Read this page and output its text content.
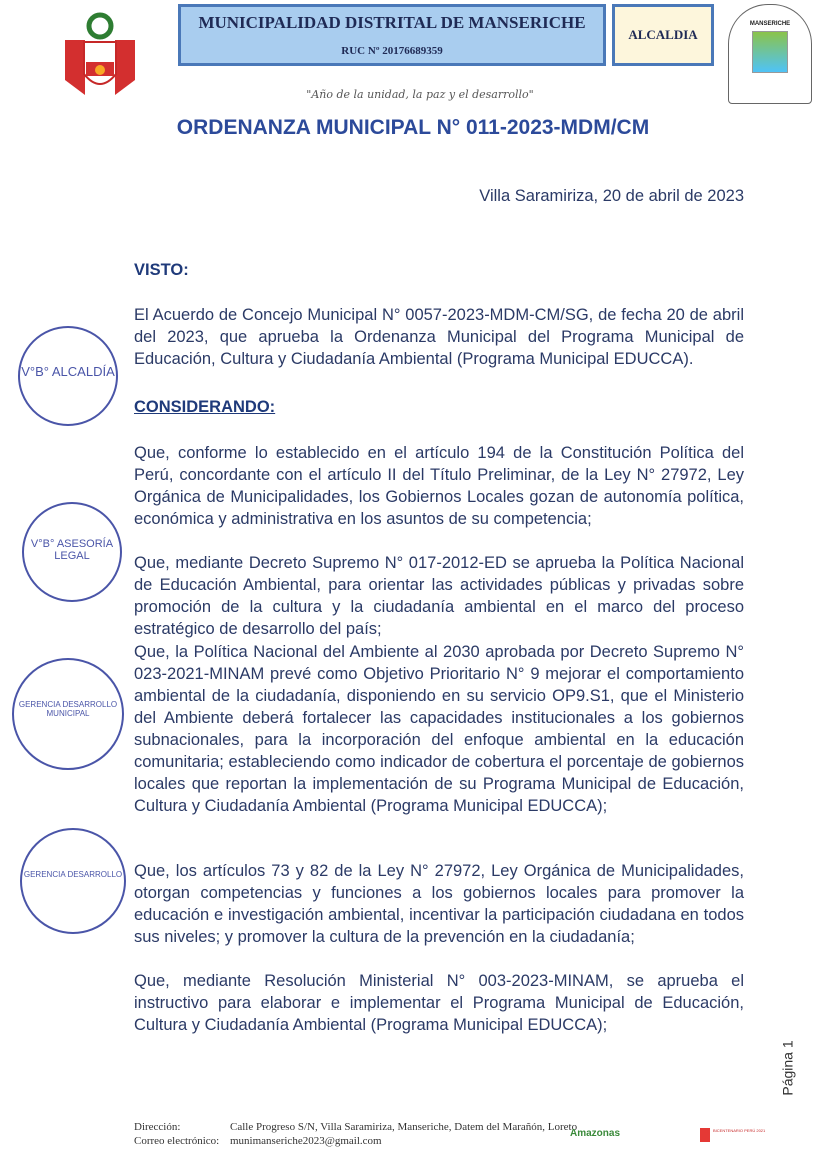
MUNICIPALIDAD DISTRITAL DE MANSERICHE
RUC Nº 20176689359
ALCALDIA
MANSERICHE
"Año de la unidad, la paz y el desarrollo"
ORDENANZA MUNICIPAL N° 011-2023-MDM/CM
Villa Saramiriza, 20 de abril de 2023
VISTO:
El Acuerdo de Concejo Municipal N° 0057-2023-MDM-CM/SG, de fecha 20 de abril del 2023, que aprueba la Ordenanza Municipal del Programa Municipal de Educación, Cultura y Ciudadanía Ambiental (Programa Municipal EDUCCA).
CONSIDERANDO:
Que, conforme lo establecido en el artículo 194 de la Constitución Política del Perú, concordante con el artículo II del Título Preliminar, de la Ley N° 27972, Ley Orgánica de Municipalidades, los Gobiernos Locales gozan de autonomía política, económica y administrativa en los asuntos de su competencia;
Que, mediante Decreto Supremo N° 017-2012-ED se aprueba la Política Nacional de Educación Ambiental, para orientar las actividades públicas y privadas sobre promoción de la cultura y la ciudadanía ambiental en el marco del proceso estratégico de desarrollo del país;
Que, la Política Nacional del Ambiente al 2030 aprobada por Decreto Supremo N° 023-2021-MINAM prevé como Objetivo Prioritario N° 9 mejorar el comportamiento ambiental de la ciudadanía, disponiendo en su servicio OP9.S1, que el Ministerio del Ambiente deberá fortalecer las capacidades institucionales a los gobiernos subnacionales, para la incorporación del enfoque ambiental en la educación comunitaria; estableciendo como indicador de cobertura el porcentaje de gobiernos locales que reportan la implementación de su Programa Municipal de Educación, Cultura y Ciudadanía Ambiental (Programa Municipal EDUCCA);
Que, los artículos 73 y 82 de la Ley N° 27972, Ley Orgánica de Municipalidades, otorgan competencias y funciones a los gobiernos locales para promover la educación e investigación ambiental, incentivar la participación ciudadana en todos sus niveles; y promover la cultura de la prevención en la ciudadanía;
Que, mediante Resolución Ministerial N° 003-2023-MINAM, se aprueba el instructivo para elaborar e implementar el Programa Municipal de Educación, Cultura y Ciudadanía Ambiental (Programa Municipal EDUCCA);
V°B° ALCALDÍA
V°B° ASESORÍA LEGAL
GERENCIA DESARROLLO MUNICIPAL
GERENCIA DESARROLLO
Página 1
Dirección:	Calle Progreso S/N, Villa Saramiriza, Manseriche, Datem del Marañón, Loreto
Correo electrónico: munimanseriche2023@gmail.com
Amazonas	BICENTENARIO PERÚ 2021
